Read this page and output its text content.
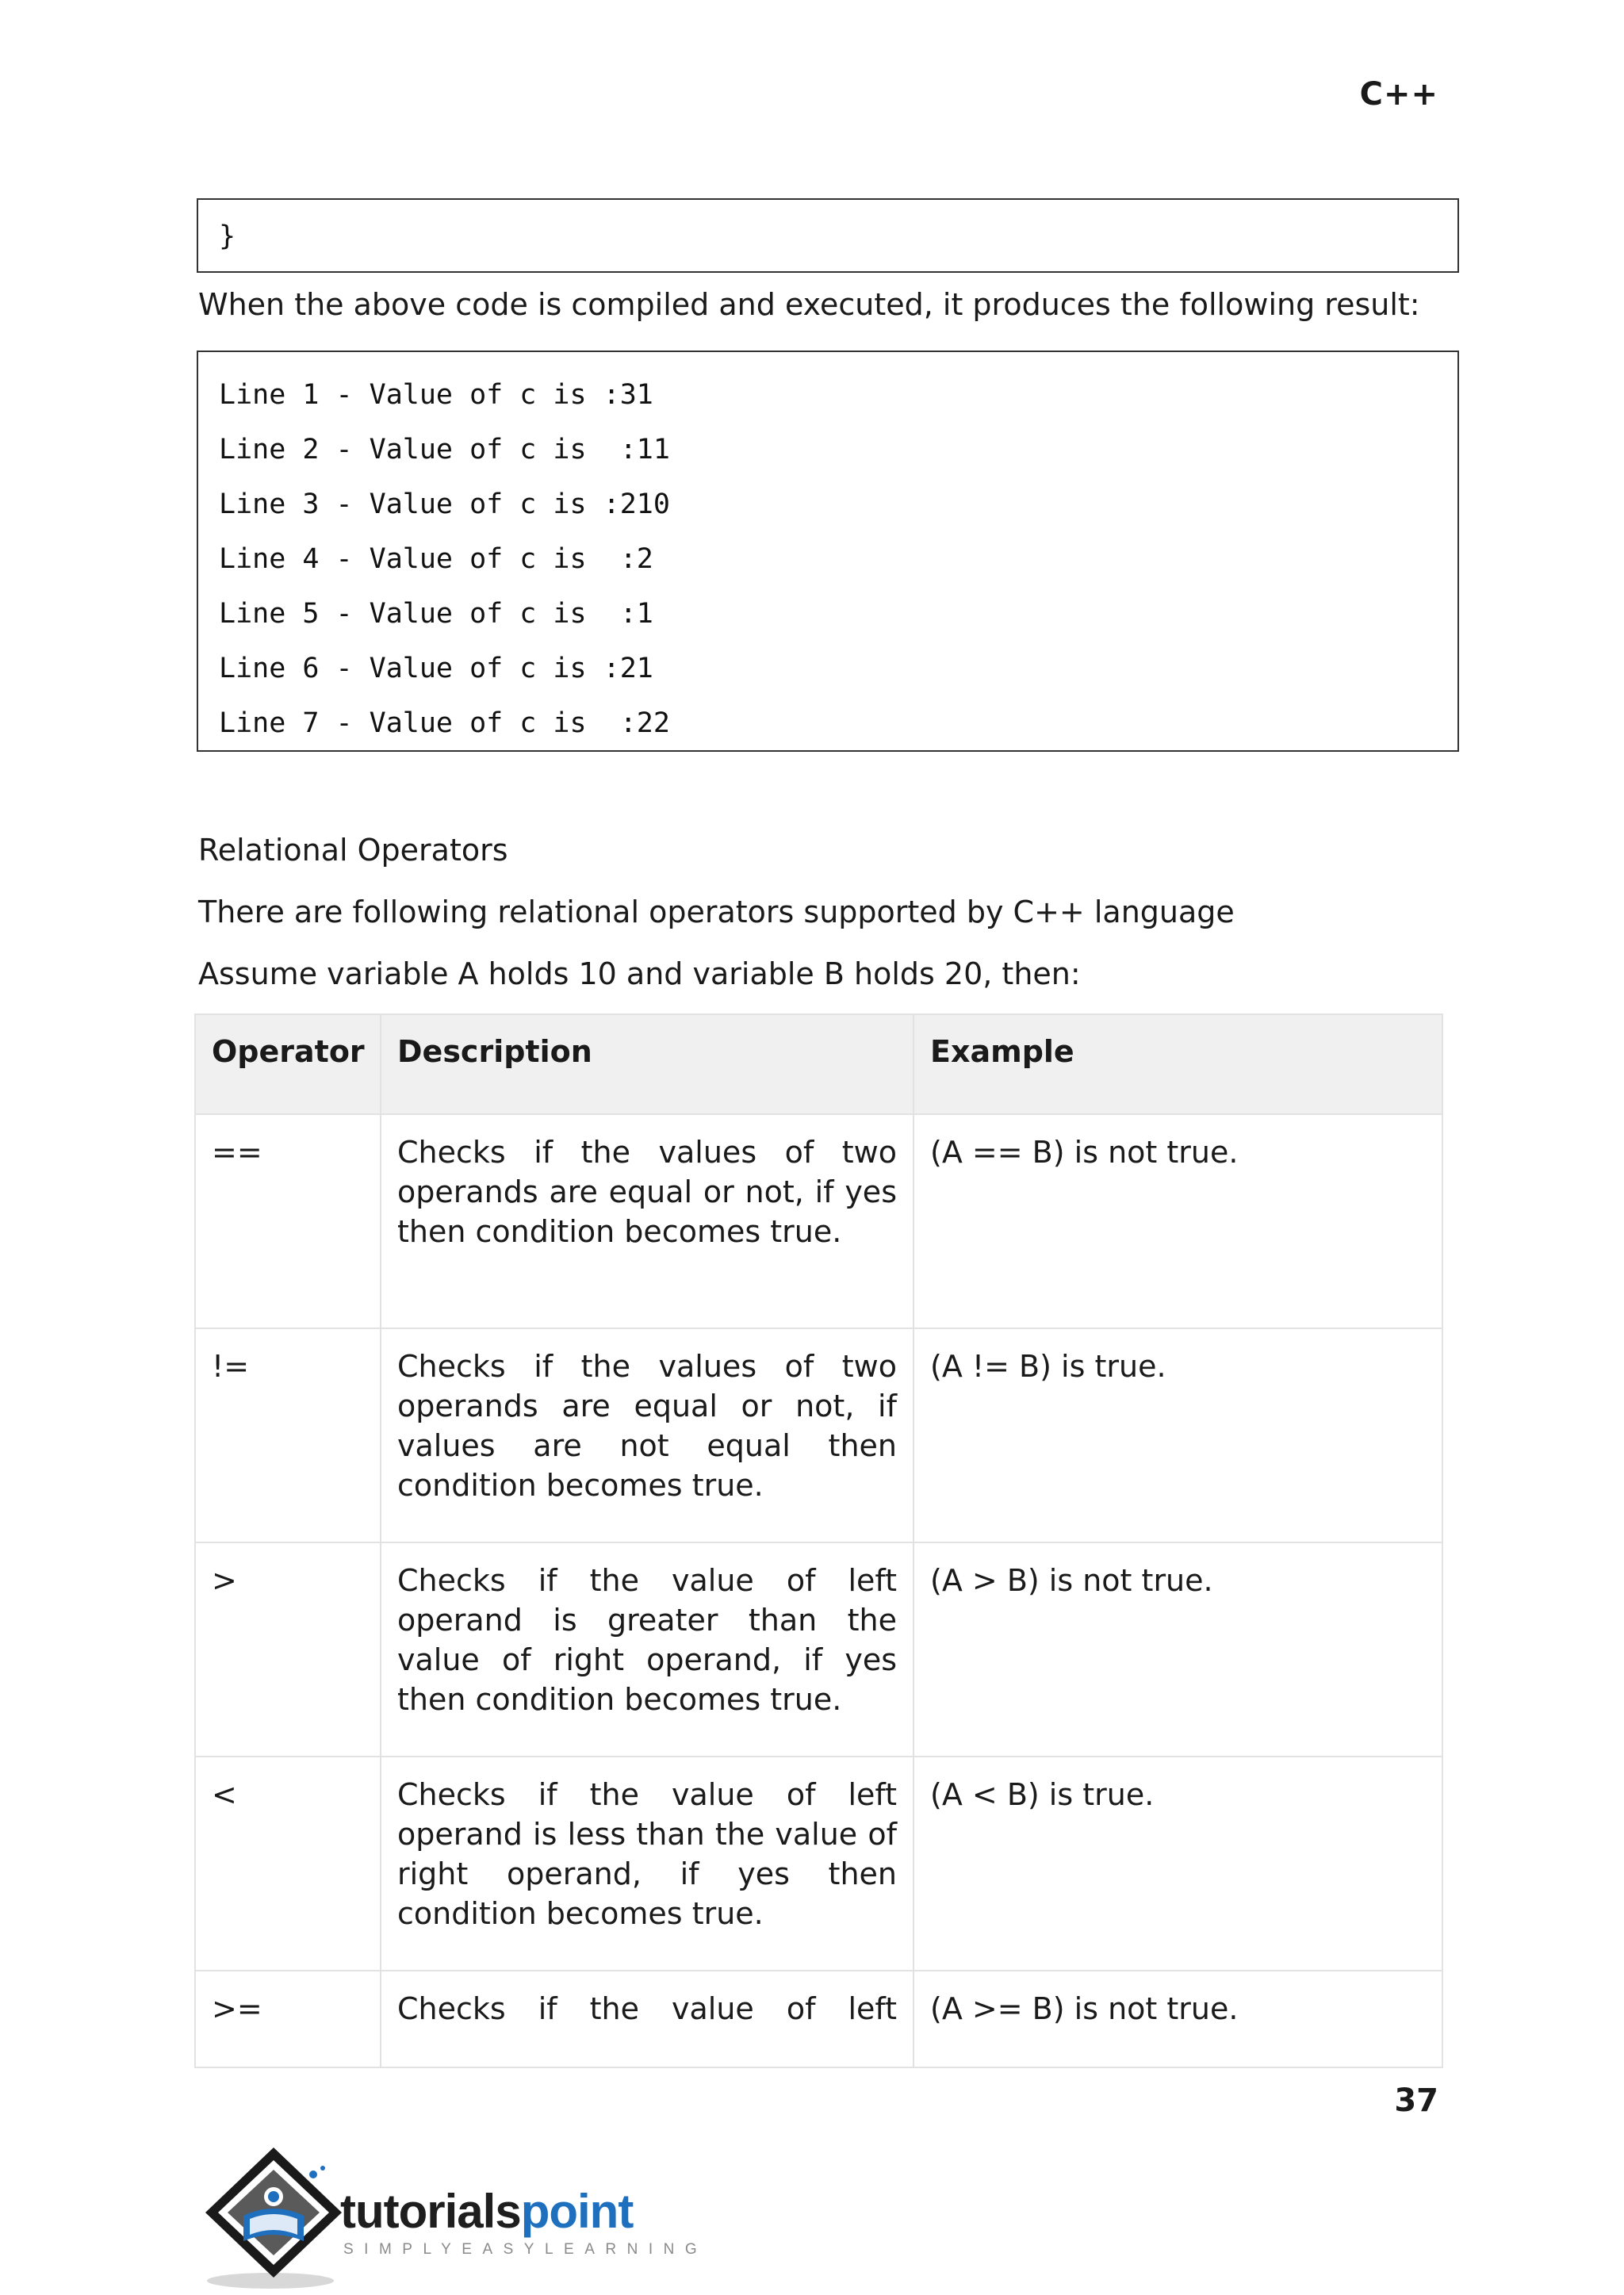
C++
}
When the above code is compiled and executed, it produces the following result:
Line 1 - Value of c is :31
Line 2 - Value of c is  :11
Line 3 - Value of c is :210
Line 4 - Value of c is  :2
Line 5 - Value of c is  :1
Line 6 - Value of c is :21
Line 7 - Value of c is  :22
Relational Operators
There are following relational operators supported by C++ language
Assume variable A holds 10 and variable B holds 20, then:
Operator	Description	Example
==	Checks if the values of two operands are equal or not, if yes then condition becomes true.	(A == B) is not true.
!=	Checks if the values of two operands are equal or not, if values are not equal then condition becomes true.	(A != B) is true.
>	Checks if the value of left operand is greater than the value of right operand, if yes then condition becomes true.	(A > B) is not true.
<	Checks if the value of left operand is less than the value of right operand, if yes then condition becomes true.	(A < B) is true.
>=	Checks if the value of left	(A >= B) is not true.
37
tutorialspoint
SIMPLYEASYLEARNING
